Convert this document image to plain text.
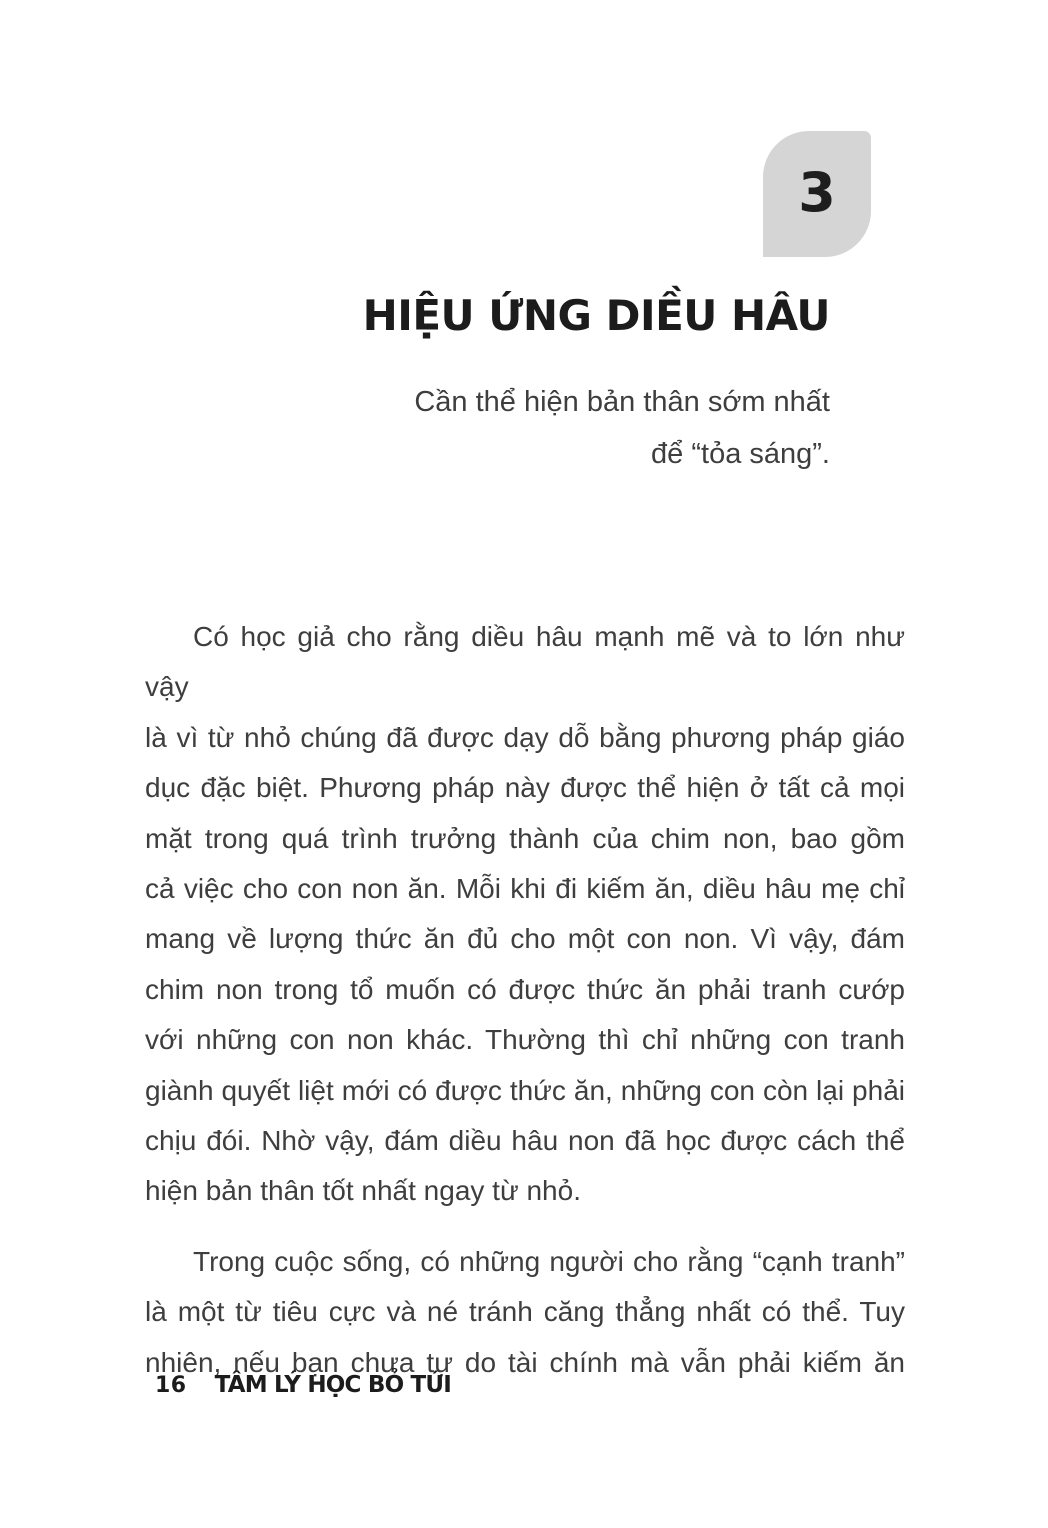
3
HIỆU ỨNG DIỀU HÂU
Cần thể hiện bản thân sớm nhất
để “tỏa sáng”.
Có học giả cho rằng diều hâu mạnh mẽ và to lớn như vậy
là vì từ nhỏ chúng đã được dạy dỗ bằng phương pháp giáo
dục đặc biệt. Phương pháp này được thể hiện ở tất cả mọi
mặt trong quá trình trưởng thành của chim non, bao gồm
cả việc cho con non ăn. Mỗi khi đi kiếm ăn, diều hâu mẹ chỉ
mang về lượng thức ăn đủ cho một con non. Vì vậy, đám
chim non trong tổ muốn có được thức ăn phải tranh cướp
với những con non khác. Thường thì chỉ những con tranh
giành quyết liệt mới có được thức ăn, những con còn lại phải
chịu đói. Nhờ vậy, đám diều hâu non đã học được cách thể
hiện bản thân tốt nhất ngay từ nhỏ.
Trong cuộc sống, có những người cho rằng “cạnh tranh”
là một từ tiêu cực và né tránh căng thẳng nhất có thể. Tuy
nhiên, nếu bạn chưa tự do tài chính mà vẫn phải kiếm ăn
16 TÂM LÝ HỌC BỎ TÚI
